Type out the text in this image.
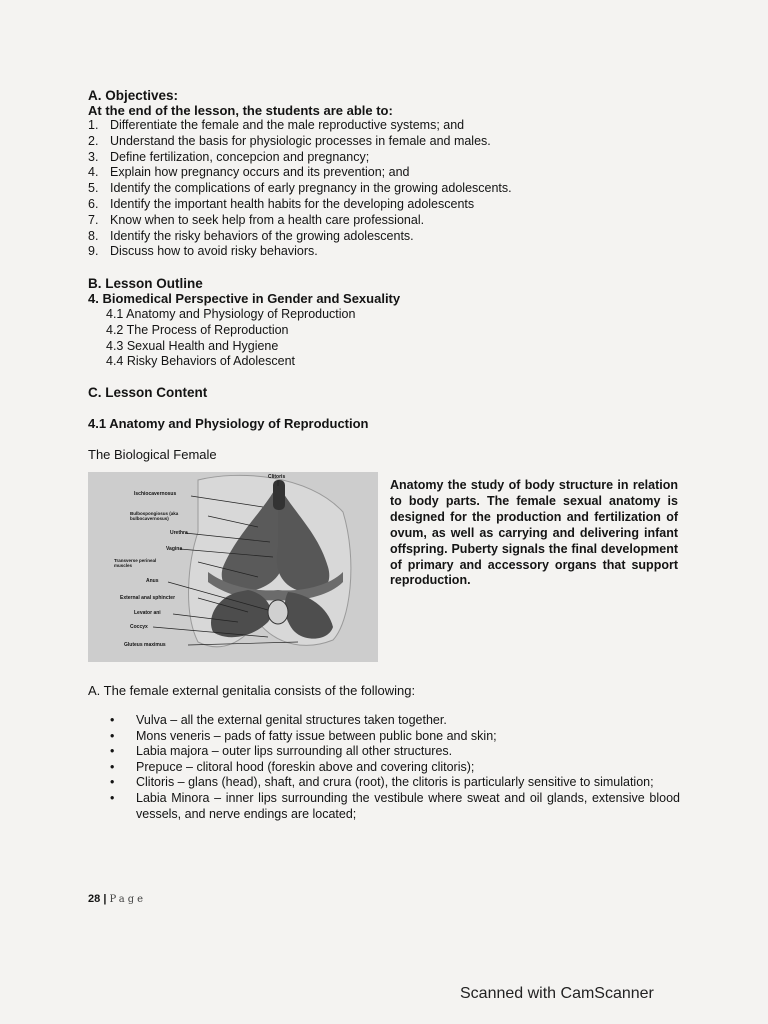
A. Objectives:
At the end of the lesson, the students are able to:
1. Differentiate the female and the male reproductive systems; and
2. Understand the basis for physiologic processes in female and males.
3. Define fertilization, concepcion and pregnancy;
4. Explain how pregnancy occurs and its prevention; and
5. Identify the complications of early pregnancy in the growing adolescents.
6. Identify the important health habits for the developing adolescents
7. Know when to seek help from a health care professional.
8. Identify the risky behaviors of the growing adolescents.
9. Discuss how to avoid risky behaviors.
B. Lesson Outline
4. Biomedical Perspective in Gender and Sexuality
4.1 Anatomy and Physiology of Reproduction
4.2 The Process of Reproduction
4.3 Sexual Health and Hygiene
4.4 Risky Behaviors of Adolescent
C. Lesson Content
4.1 Anatomy and Physiology of Reproduction
The Biological Female
Ischiocavernosus
Bulbospongiosus (aka bulbocavernosus)
Urethra
Vagina
Transverse perineal muscles
Anus
External anal sphincter
Levator ani
Coccyx
Gluteus maximus
Clitoris
Anatomy the study of body structure in relation to body parts. The female sexual anatomy is designed for the production and fertilization of ovum, as well as carrying and delivering infant offspring. Puberty signals the final development of primary and accessory organs that support reproduction.
A. The female external genitalia consists of the following:
• Vulva – all the external genital structures taken together.
• Mons veneris – pads of fatty issue between public bone and skin;
• Labia majora – outer lips surrounding all other structures.
• Prepuce – clitoral hood (foreskin above and covering clitoris);
• Clitoris – glans (head), shaft, and crura (root), the clitoris is particularly sensitive to simulation;
• Labia Minora – inner lips surrounding the vestibule where sweat and oil glands, extensive blood vessels, and nerve endings are located;
28 | Page
Scanned with CamScanner
